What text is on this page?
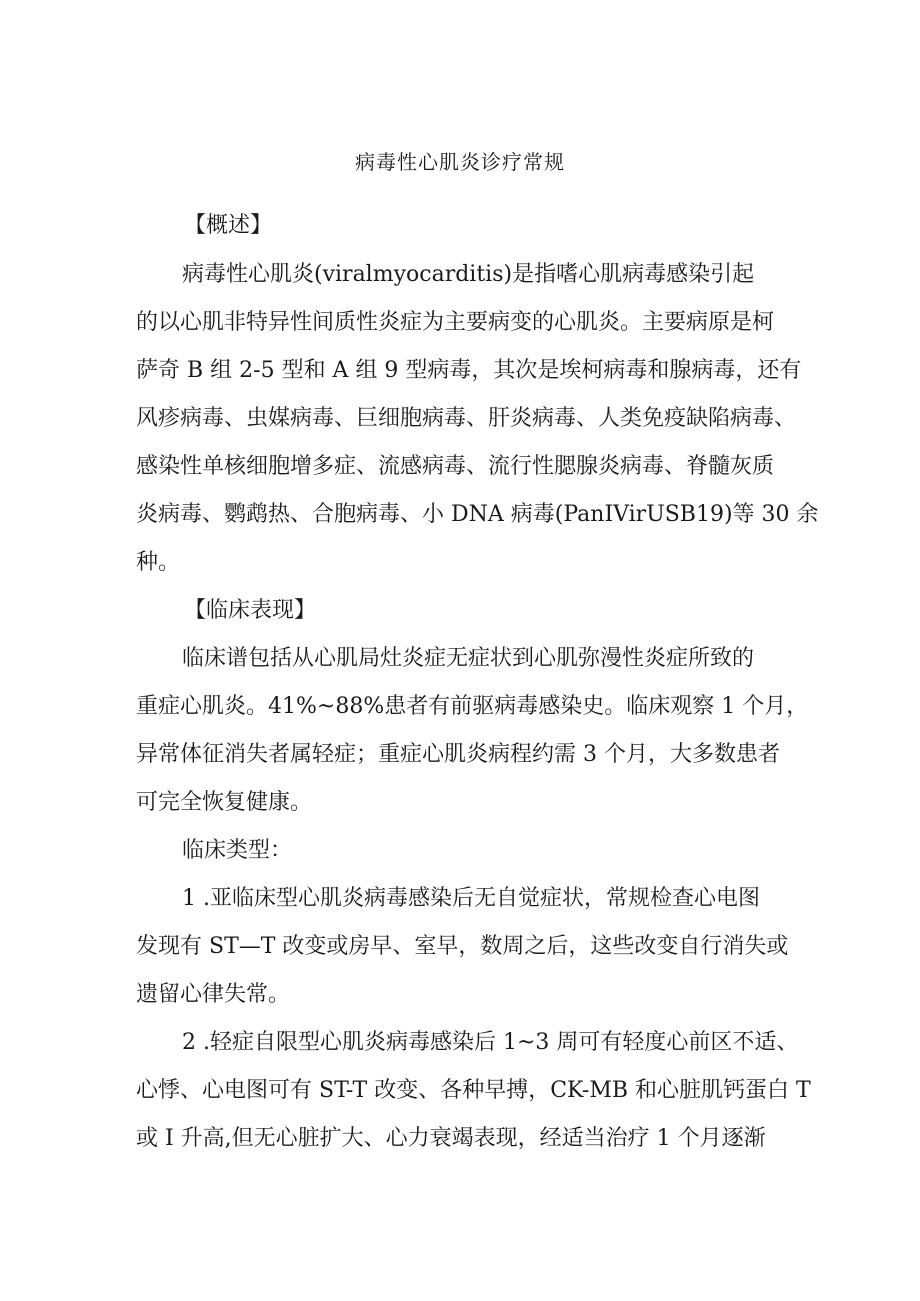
病毒性心肌炎诊疗常规
【概述】
病毒性心肌炎(viralmyocarditis)是指嗜心肌病毒感染引起
的以心肌非特异性间质性炎症为主要病变的心肌炎。主要病原是柯
萨奇 B 组 2-5 型和 A 组 9 型病毒，其次是埃柯病毒和腺病毒，还有
风疹病毒、虫媒病毒、巨细胞病毒、肝炎病毒、人类免疫缺陷病毒、
感染性单核细胞增多症、流感病毒、流行性腮腺炎病毒、脊髓灰质
炎病毒、鹦鹉热、合胞病毒、小 DNA 病毒(PanIVirUSB19)等 30 余
种。
【临床表现】
临床谱包括从心肌局灶炎症无症状到心肌弥漫性炎症所致的
重症心肌炎。41%~88%患者有前驱病毒感染史。临床观察 1 个月，
异常体征消失者属轻症；重症心肌炎病程约需 3 个月，大多数患者
可完全恢复健康。
临床类型：
1 .亚临床型心肌炎病毒感染后无自觉症状，常规检查心电图
发现有 ST—T 改变或房早、室早，数周之后，这些改变自行消失或
遗留心律失常。
2 .轻症自限型心肌炎病毒感染后 1~3 周可有轻度心前区不适、
心悸、心电图可有 ST-T 改变、各种早搏，CK-MB 和心脏肌钙蛋白 T
或 I 升高,但无心脏扩大、心力衰竭表现，经适当治疗 1 个月逐渐
